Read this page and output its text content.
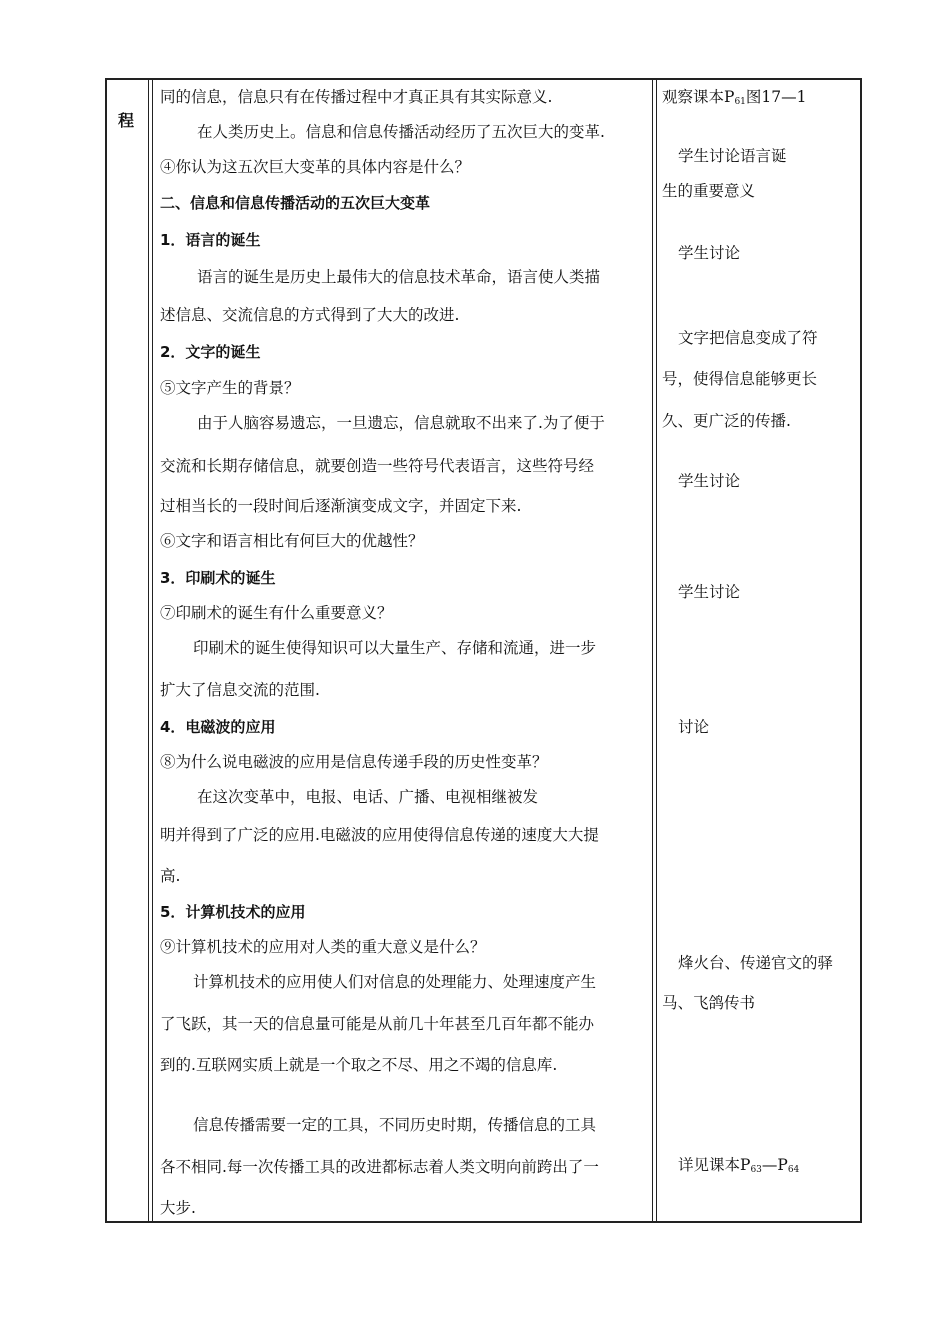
程
同的信息，信息只有在传播过程中才真正具有其实际意义.
在人类历史上。信息和信息传播活动经历了五次巨大的变革.
④你认为这五次巨大变革的具体内容是什么？
二、信息和信息传播活动的五次巨大变革
1．语言的诞生
语言的诞生是历史上最伟大的信息技术革命，语言使人类描
述信息、交流信息的方式得到了大大的改进.
2．文字的诞生
⑤文字产生的背景？
由于人脑容易遗忘，一旦遗忘，信息就取不出来了.为了便于
交流和长期存储信息，就要创造一些符号代表语言，这些符号经
过相当长的一段时间后逐渐演变成文字，并固定下来.
⑥文字和语言相比有何巨大的优越性？
3．印刷术的诞生
⑦印刷术的诞生有什么重要意义？
印刷术的诞生使得知识可以大量生产、存储和流通，进一步
扩大了信息交流的范围.
4．电磁波的应用
⑧为什么说电磁波的应用是信息传递手段的历史性变革？
在这次变革中，电报、电话、广播、电视相继被发
明并得到了广泛的应用.电磁波的应用使得信息传递的速度大大提
高.
5．计算机技术的应用
⑨计算机技术的应用对人类的重大意义是什么？
计算机技术的应用使人们对信息的处理能力、处理速度产生
了飞跃，其一天的信息量可能是从前几十年甚至几百年都不能办
到的.互联网实质上就是一个取之不尽、用之不竭的信息库.
信息传播需要一定的工具，不同历史时期，传播信息的工具
各不相同.每一次传播工具的改进都标志着人类文明向前跨出了一
大步.
观察课本$P_{61}$图17—1
学生讨论语言诞
生的重要意义
学生讨论
文字把信息变成了符
号，使得信息能够更长
久、更广泛的传播.
学生讨论
学生讨论
讨论
烽火台、传递官文的驿
马、飞鸽传书
详见课本$P_{63}—P_{64}$
